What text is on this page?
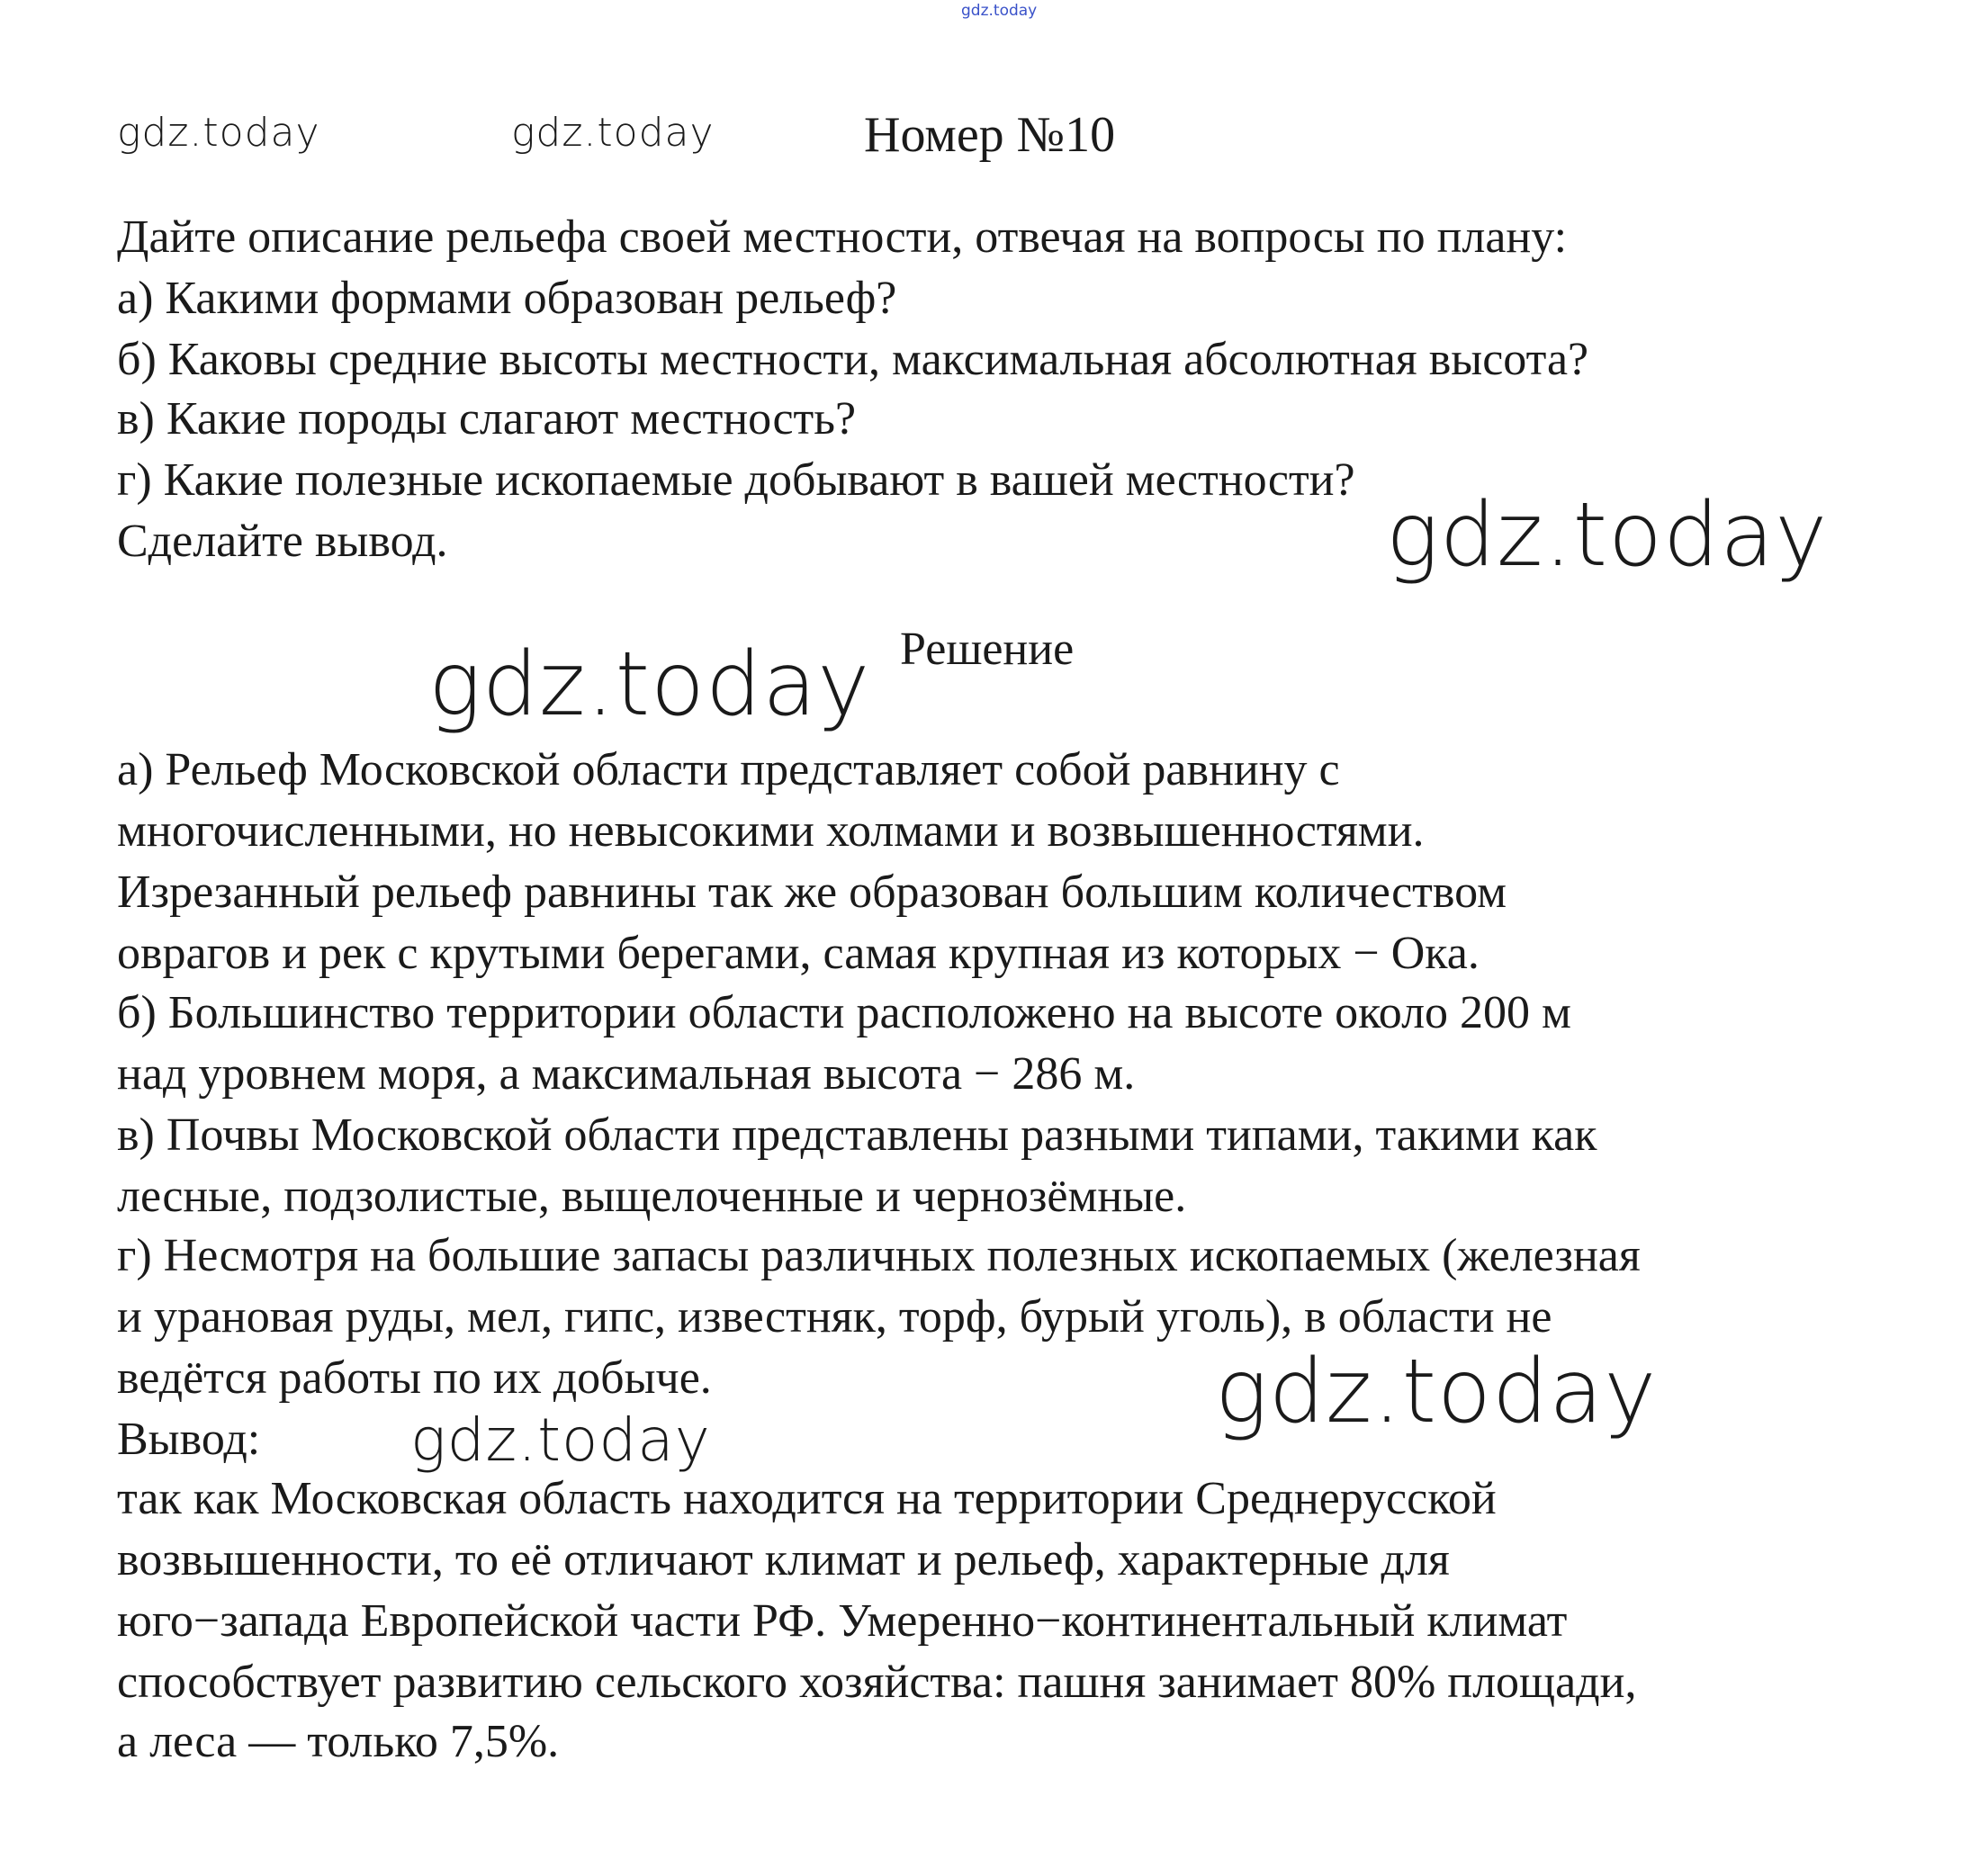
gdz.today
gdz.today	gdz.today	Номер №10
Дайте описание рельефа своей местности, отвечая на вопросы по плану:
а) Какими формами образован рельеф?
б) Каковы средние высоты местности, максимальная абсолютная высота?
в) Какие породы слагают местность?
г) Какие полезные ископаемые добывают в вашей местности?
Сделайте вывод.	gdz.today
Решение
gdz.today
а) Рельеф Московской области представляет собой равнину с
многочисленными, но невысокими холмами и возвышенностями.
Изрезанный рельеф равнины так же образован большим количеством
оврагов и рек с крутыми берегами, самая крупная из которых − Ока.
б) Большинство территории области расположено на высоте около 200 м
над уровнем моря, а максимальная высота − 286 м.
в) Почвы Московской области представлены разными типами, такими как
лесные, подзолистые, выщелоченные и чернозёмные.
г) Несмотря на большие запасы различных полезных ископаемых (железная
и урановая руды, мел, гипс, известняк, торф, бурый уголь), в области не
ведётся работы по их добыче.
Вывод:
так как Московская область находится на территории Среднерусской
возвышенности, то её отличают климат и рельеф, характерные для
юго−запада Европейской части РФ. Умеренно−континентальный климат
способствует развитию сельского хозяйства: пашня занимает 80% площади,
а леса — только 7,5%.
gdz.today
gdz.today
